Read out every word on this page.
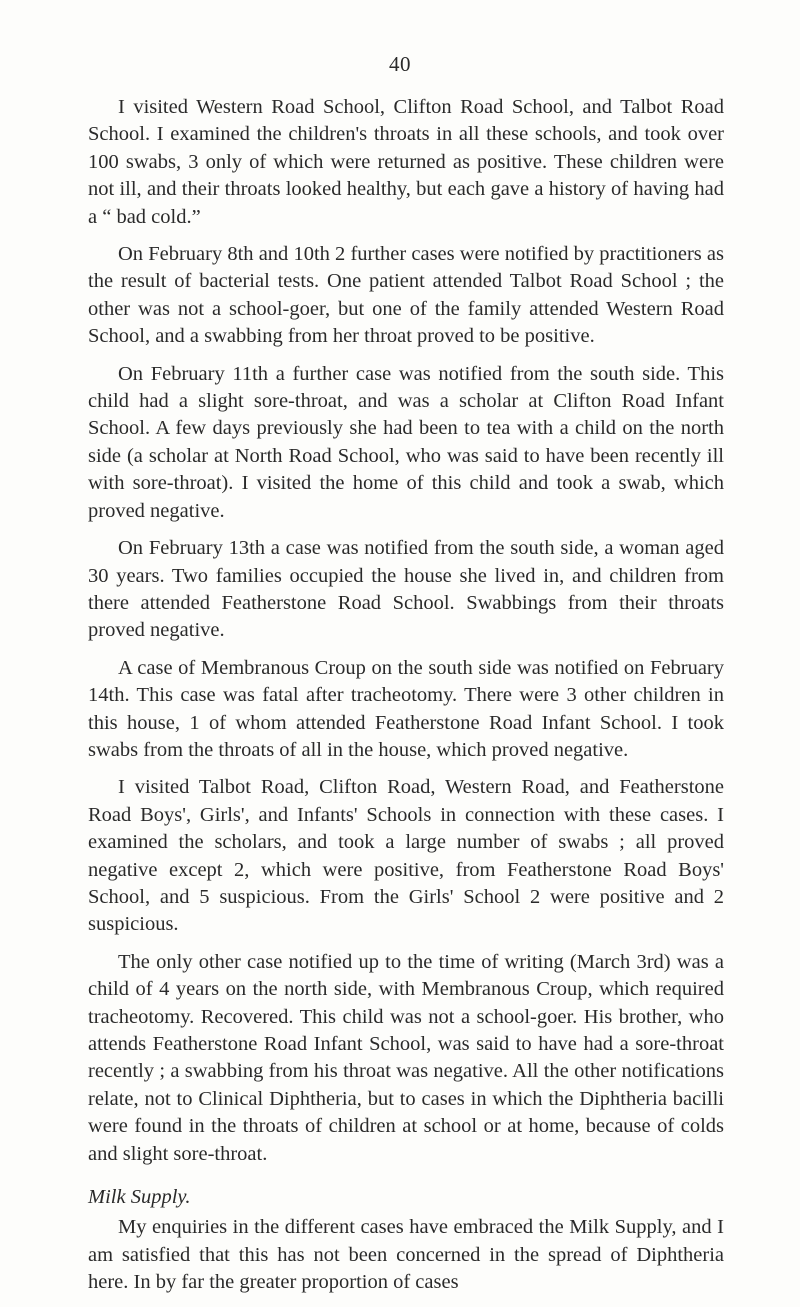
40

I visited Western Road School, Clifton Road School, and Talbot Road School. I examined the children's throats in all these schools, and took over 100 swabs, 3 only of which were returned as positive. These children were not ill, and their throats looked healthy, but each gave a history of having had a “ bad cold.”

On February 8th and 10th 2 further cases were notified by practitioners as the result of bacterial tests. One patient attended Talbot Road School ; the other was not a school-goer, but one of the family attended Western Road School, and a swabbing from her throat proved to be positive.

On February 11th a further case was notified from the south side. This child had a slight sore-throat, and was a scholar at Clifton Road Infant School. A few days previously she had been to tea with a child on the north side (a scholar at North Road School, who was said to have been recently ill with sore-throat). I visited the home of this child and took a swab, which proved negative.

On February 13th a case was notified from the south side, a woman aged 30 years. Two families occupied the house she lived in, and children from there attended Featherstone Road School. Swabbings from their throats proved negative.

A case of Membranous Croup on the south side was notified on February 14th. This case was fatal after tracheotomy. There were 3 other children in this house, 1 of whom attended Featherstone Road Infant School. I took swabs from the throats of all in the house, which proved negative.

I visited Talbot Road, Clifton Road, Western Road, and Featherstone Road Boys', Girls', and Infants' Schools in connection with these cases. I examined the scholars, and took a large number of swabs ; all proved negative except 2, which were positive, from Featherstone Road Boys' School, and 5 suspicious. From the Girls' School 2 were positive and 2 suspicious.

The only other case notified up to the time of writing (March 3rd) was a child of 4 years on the north side, with Membranous Croup, which required tracheotomy. Recovered. This child was not a school-goer. His brother, who attends Featherstone Road Infant School, was said to have had a sore-throat recently ; a swabbing from his throat was negative. All the other notifications relate, not to Clinical Diphtheria, but to cases in which the Diphtheria bacilli were found in the throats of children at school or at home, because of colds and slight sore-throat.

Milk Supply.

My enquiries in the different cases have embraced the Milk Supply, and I am satisfied that this has not been concerned in the spread of Diphtheria here. In by far the greater proportion of cases
